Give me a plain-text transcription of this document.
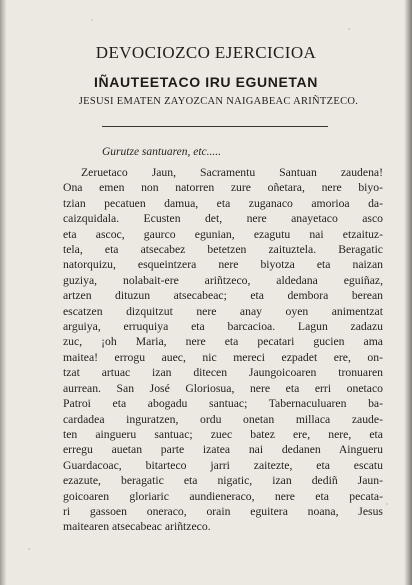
DEVOCIOZCO EJERCICIOA
IÑAUTEETACO IRU EGUNETAN
JESUSI EMATEN ZAYOZCAN NAIGABEAC ARIÑTZECO.
Gurutze santuaren, etc.....
Zeruetaco Jaun, Sacramentu Santuan zaudena!
Ona emen non natorren zure oñetara, nere biyo-
tzian pecatuen damua, eta zuganaco amorioa da-
caizquidala. Ecusten det, nere anayetaco asco
eta ascoc, gaurco egunian, ezagutu nai etzaituz-
tela, eta atsecabez betetzen zaituztela. Beragatic
natorquizu, esqueintzera nere biyotza eta naizan
guziya, nolabait-ere ariñtzeco, aldedana eguiñaz,
artzen dituzun atsecabeac; eta dembora berean
escatzen dizquitzut nere anay oyen animentzat
arguiya, erruquiya eta barcacioa. Lagun zadazu
zuc, ¡oh Maria, nere eta pecatari gucien ama
maitea! errogu auec, nic mereci ezpadet ere, on-
tzat artuac izan ditecen Jaungoicoaren tronuaren
aurrean. San José Gloriosua, nere eta erri onetaco
Patroi eta abogadu santuac; Tabernaculuaren ba-
cardadea inguratzen, ordu onetan millaca zaude-
ten aingueru santuac; zuec batez ere, nere, eta
erregu auetan parte izatea nai dedanen Aingueru
Guardacoac, bitarteco jarri zaitezte, eta escatu
ezazute, beragatic eta nigatic, izan dediñ Jaun-
goicoaren gloriaric aundieneraco, nere eta pecata-
ri gassoen oneraco, orain eguitera noana, Jesus
maitearen atsecabeac ariñtzeco.
